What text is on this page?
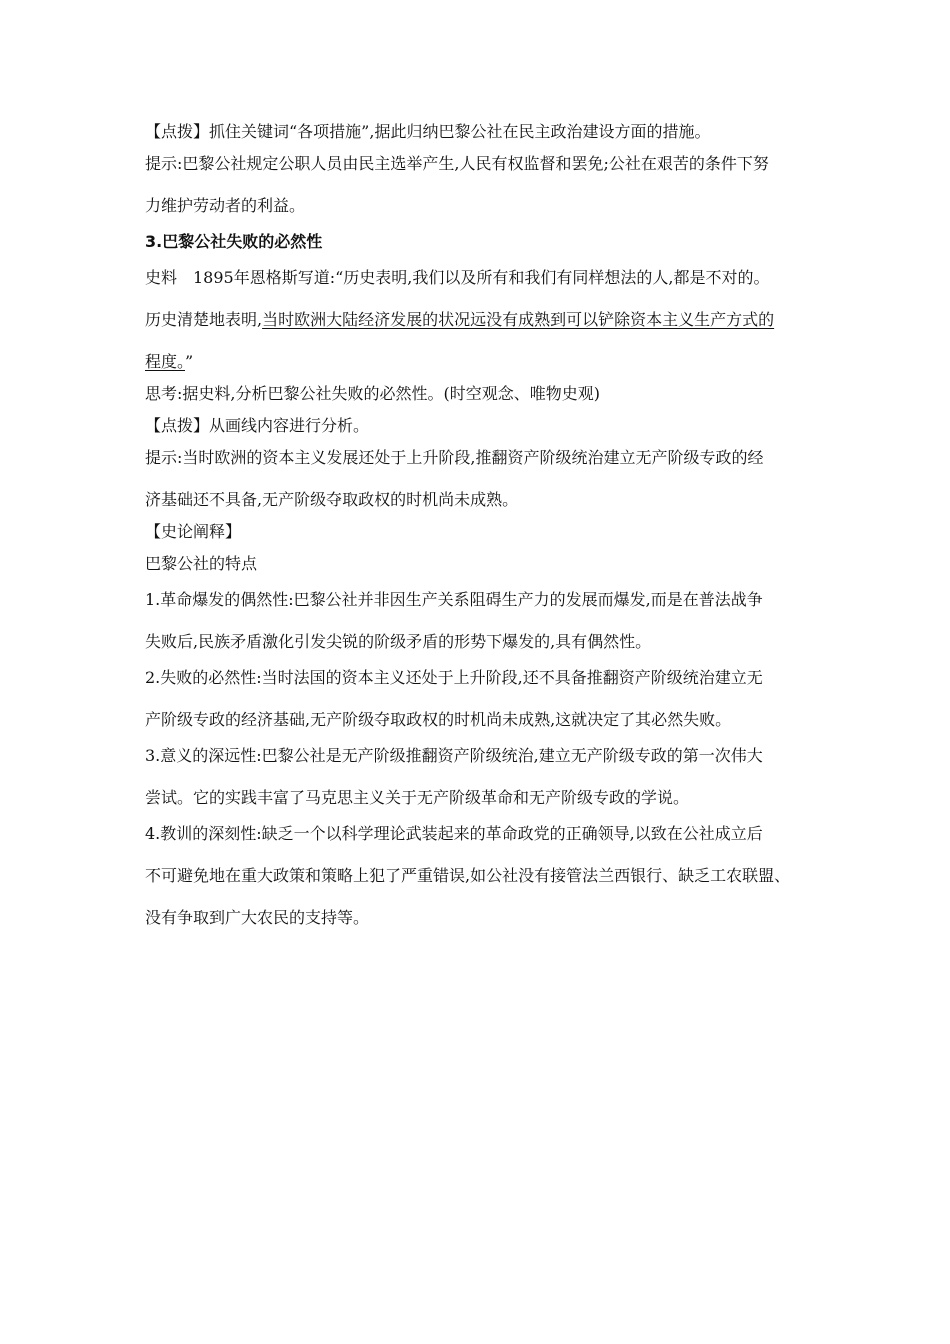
【点拨】抓住关键词“各项措施”,据此归纳巴黎公社在民主政治建设方面的措施。
提示:巴黎公社规定公职人员由民主选举产生,人民有权监督和罢免;公社在艰苦的条件下努
力维护劳动者的利益。
3.巴黎公社失败的必然性
史料　1895年恩格斯写道:“历史表明,我们以及所有和我们有同样想法的人,都是不对的。
历史清楚地表明,当时欧洲大陆经济发展的状况远没有成熟到可以铲除资本主义生产方式的
程度。”
思考:据史料,分析巴黎公社失败的必然性。(时空观念、唯物史观)
【点拨】从画线内容进行分析。
提示:当时欧洲的资本主义发展还处于上升阶段,推翻资产阶级统治建立无产阶级专政的经
济基础还不具备,无产阶级夺取政权的时机尚未成熟。
【史论阐释】
巴黎公社的特点
1.革命爆发的偶然性:巴黎公社并非因生产关系阻碍生产力的发展而爆发,而是在普法战争
失败后,民族矛盾激化引发尖锐的阶级矛盾的形势下爆发的,具有偶然性。
2.失败的必然性:当时法国的资本主义还处于上升阶段,还不具备推翻资产阶级统治建立无
产阶级专政的经济基础,无产阶级夺取政权的时机尚未成熟,这就决定了其必然失败。
3.意义的深远性:巴黎公社是无产阶级推翻资产阶级统治,建立无产阶级专政的第一次伟大
尝试。它的实践丰富了马克思主义关于无产阶级革命和无产阶级专政的学说。
4.教训的深刻性:缺乏一个以科学理论武装起来的革命政党的正确领导,以致在公社成立后
不可避免地在重大政策和策略上犯了严重错误,如公社没有接管法兰西银行、缺乏工农联盟、
没有争取到广大农民的支持等。
